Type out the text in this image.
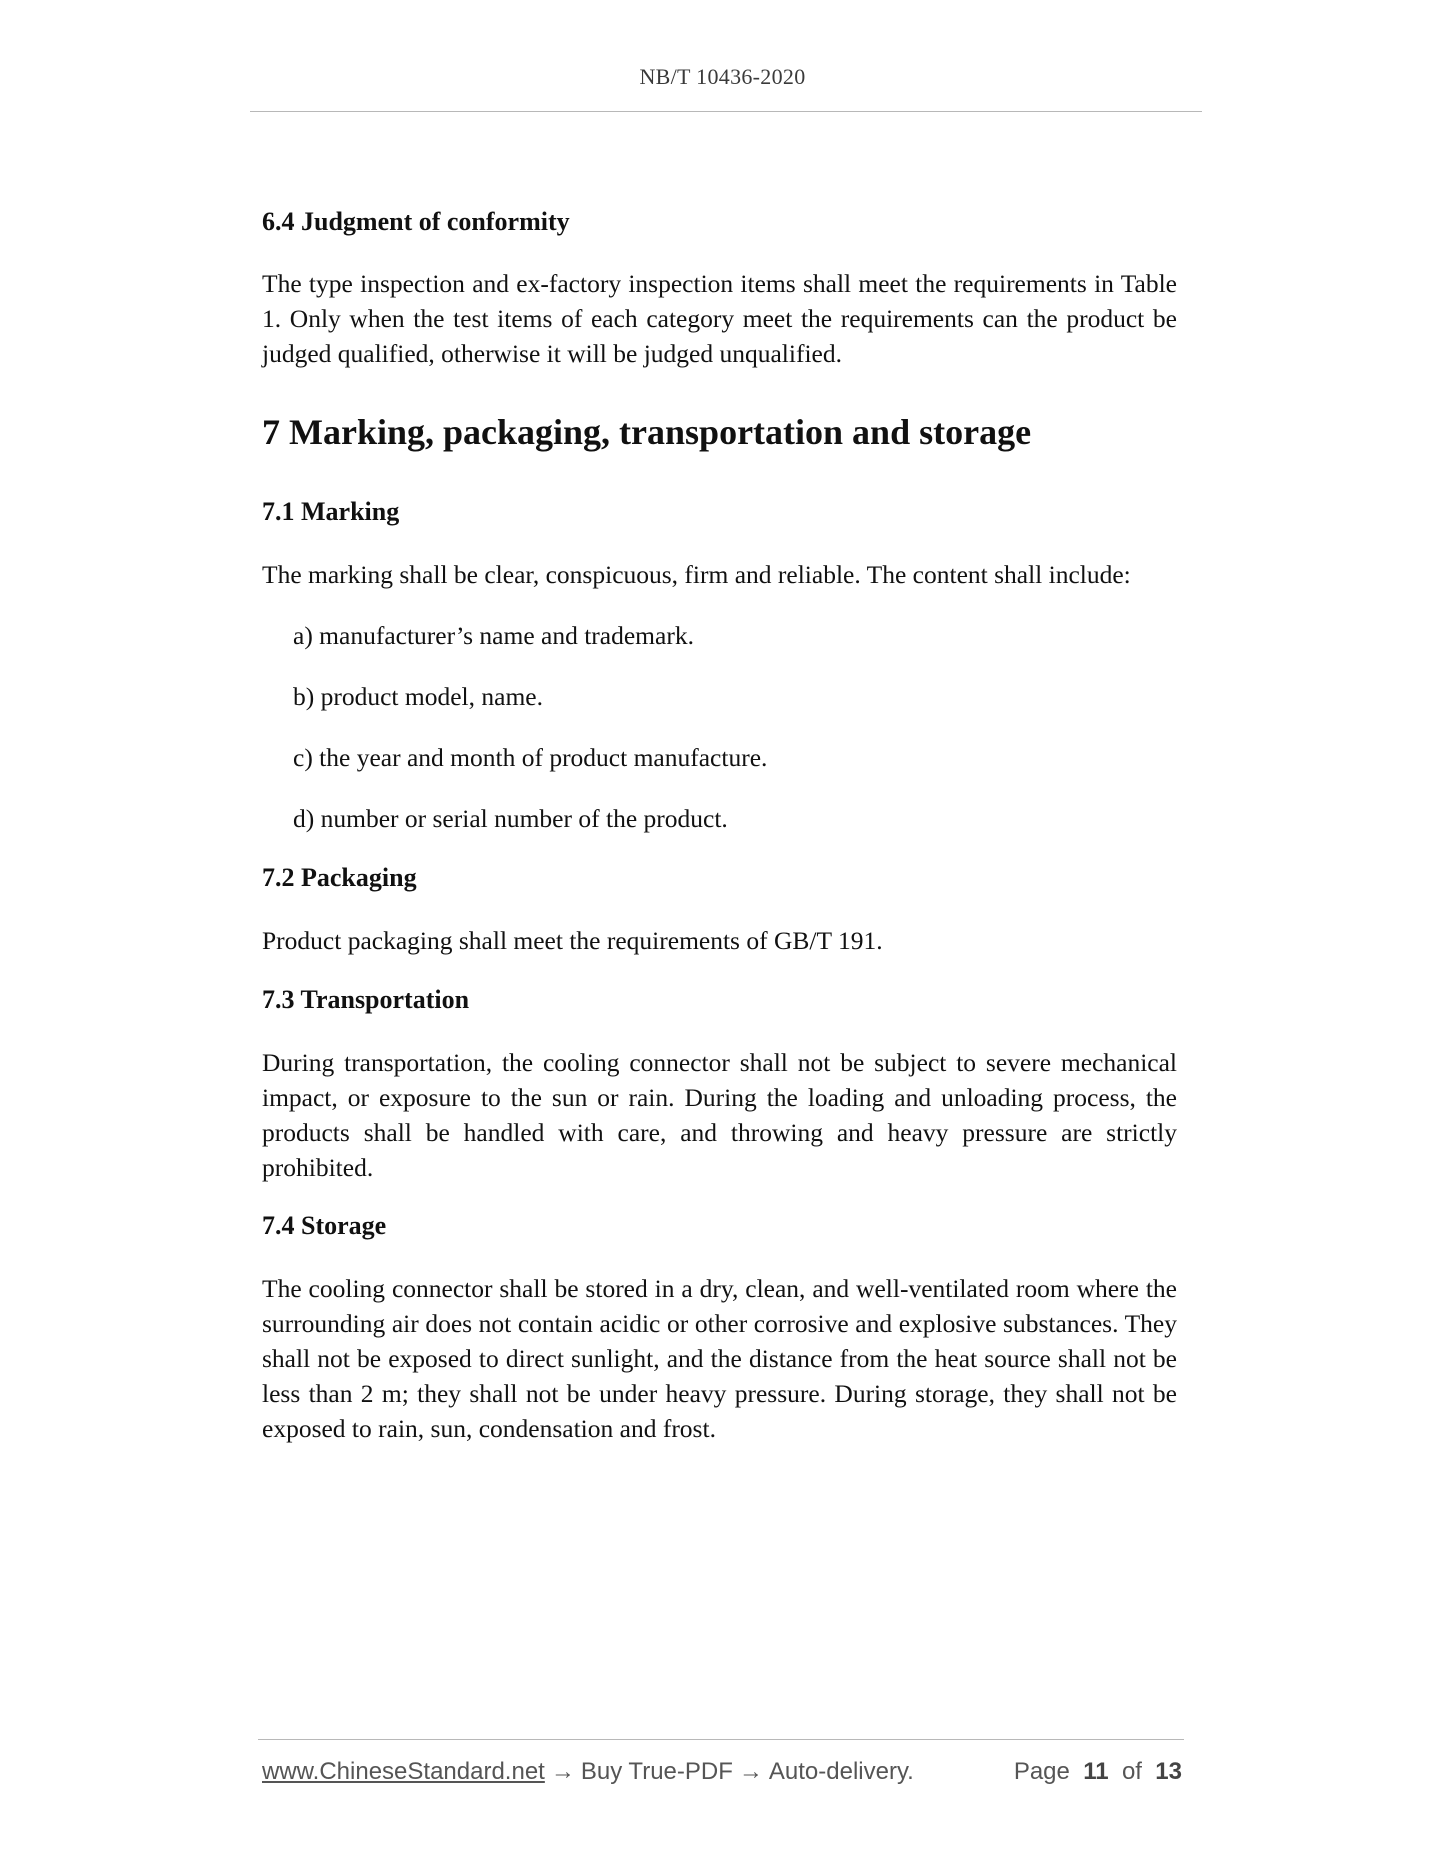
NB/T 10436-2020
6.4 Judgment of conformity

The type inspection and ex-factory inspection items shall meet the requirements in Table 1. Only when the test items of each category meet the requirements can the product be judged qualified, otherwise it will be judged unqualified.

7 Marking, packaging, transportation and storage
7.1 Marking

The marking shall be clear, conspicuous, firm and reliable. The content shall include:

a) manufacturer’s name and trademark.

b) product model, name.

c) the year and month of product manufacture.

d) number or serial number of the product.

7.2 Packaging

Product packaging shall meet the requirements of GB/T 191.

7.3 Transportation

During transportation, the cooling connector shall not be subject to severe mechanical impact, or exposure to the sun or rain. During the loading and unloading process, the products shall be handled with care, and throwing and heavy pressure are strictly prohibited.

7.4 Storage

The cooling connector shall be stored in a dry, clean, and well-ventilated room where the surrounding air does not contain acidic or other corrosive and explosive substances. They shall not be exposed to direct sunlight, and the distance from the heat source shall not be less than 2 m; they shall not be under heavy pressure. During storage, they shall not be exposed to rain, sun, condensation and frost.

www.ChineseStandard.net → Buy True-PDF → Auto-delivery.	Page 11 of 13
